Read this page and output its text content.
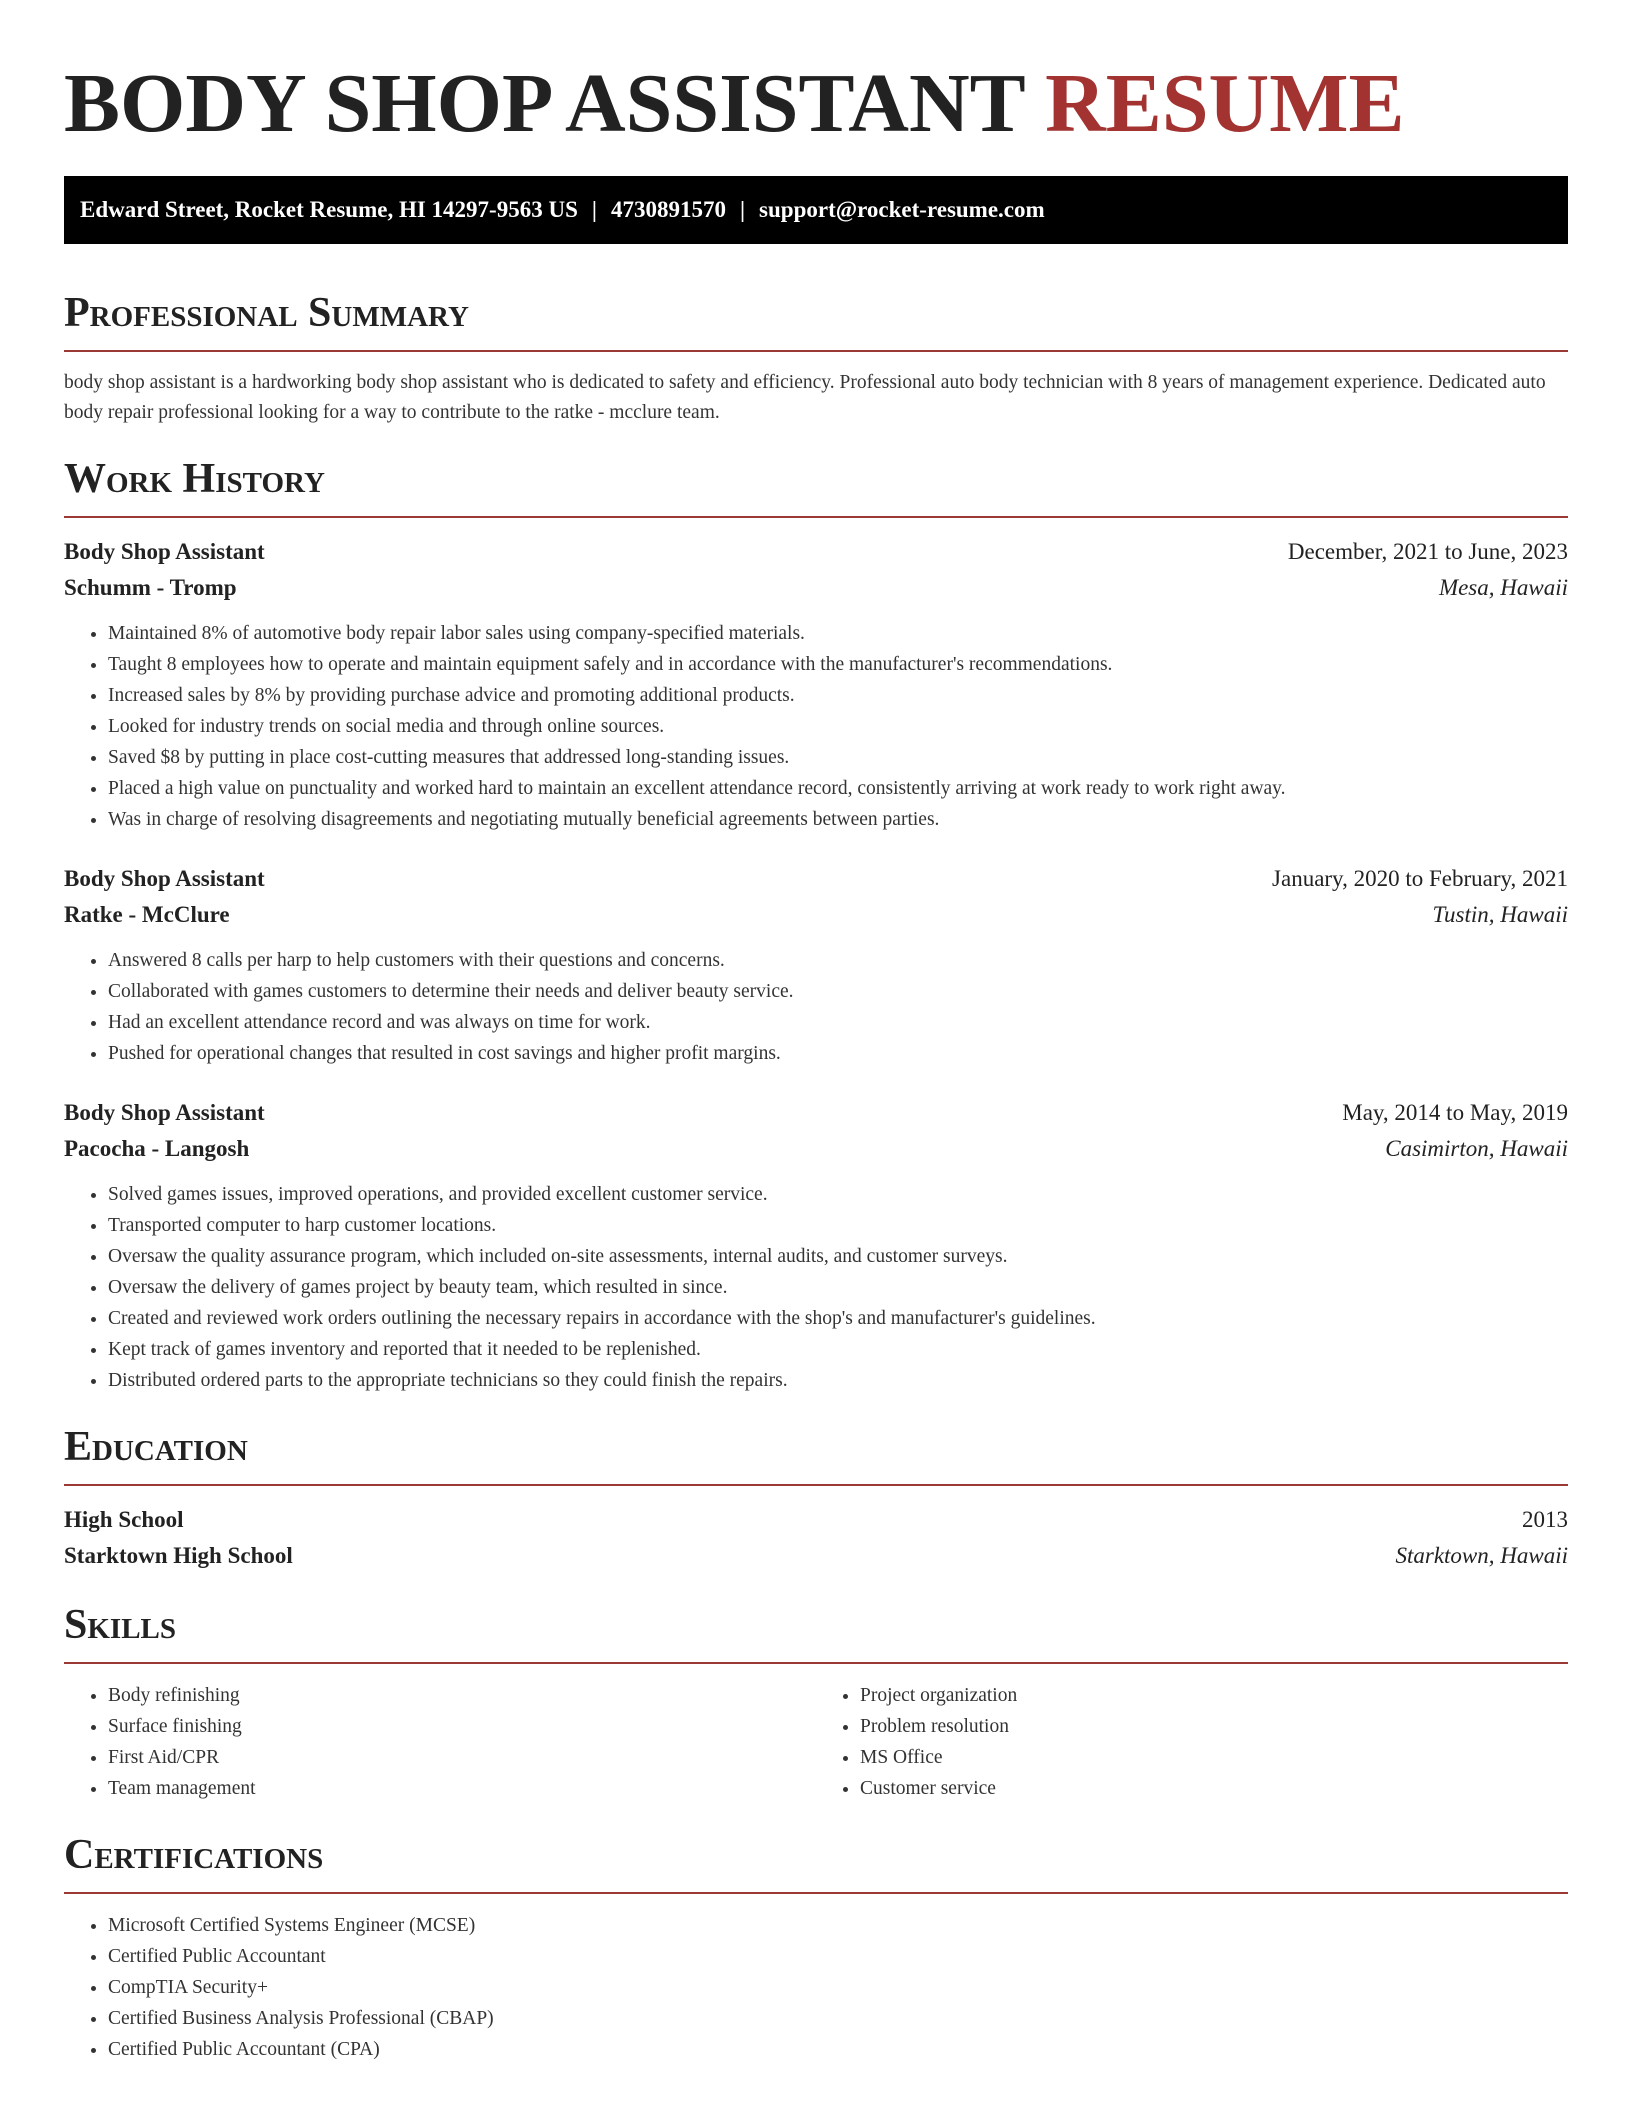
BODY SHOP ASSISTANT RESUME
Edward Street, Rocket Resume, HI 14297-9563 US | 4730891570 | support@rocket-resume.com
Professional Summary

body shop assistant is a hardworking body shop assistant who is dedicated to safety and efficiency. Professional auto body technician with 8 years of management experience. Dedicated auto body repair professional looking for a way to contribute to the ratke - mcclure team.

Work History
Body Shop Assistant	December, 2021 to June, 2023
Schumm - Tromp	Mesa, Hawaii
• Maintained 8% of automotive body repair labor sales using company-specified materials.
• Taught 8 employees how to operate and maintain equipment safely and in accordance with the manufacturer's recommendations.
• Increased sales by 8% by providing purchase advice and promoting additional products.
• Looked for industry trends on social media and through online sources.
• Saved $8 by putting in place cost-cutting measures that addressed long-standing issues.
• Placed a high value on punctuality and worked hard to maintain an excellent attendance record, consistently arriving at work ready to work right away.
• Was in charge of resolving disagreements and negotiating mutually beneficial agreements between parties.
Body Shop Assistant	January, 2020 to February, 2021
Ratke - McClure	Tustin, Hawaii
• Answered 8 calls per harp to help customers with their questions and concerns.
• Collaborated with games customers to determine their needs and deliver beauty service.
• Had an excellent attendance record and was always on time for work.
• Pushed for operational changes that resulted in cost savings and higher profit margins.
Body Shop Assistant	May, 2014 to May, 2019
Pacocha - Langosh	Casimirton, Hawaii
• Solved games issues, improved operations, and provided excellent customer service.
• Transported computer to harp customer locations.
• Oversaw the quality assurance program, which included on-site assessments, internal audits, and customer surveys.
• Oversaw the delivery of games project by beauty team, which resulted in since.
• Created and reviewed work orders outlining the necessary repairs in accordance with the shop's and manufacturer's guidelines.
• Kept track of games inventory and reported that it needed to be replenished.
• Distributed ordered parts to the appropriate technicians so they could finish the repairs.
Education
High School	2013
Starktown High School	Starktown, Hawaii
Skills
• Body refinishing
• Surface finishing
• First Aid/CPR
• Team management
• Project organization
• Problem resolution
• MS Office
• Customer service
Certifications
• Microsoft Certified Systems Engineer (MCSE)
• Certified Public Accountant
• CompTIA Security+
• Certified Business Analysis Professional (CBAP)
• Certified Public Accountant (CPA)
